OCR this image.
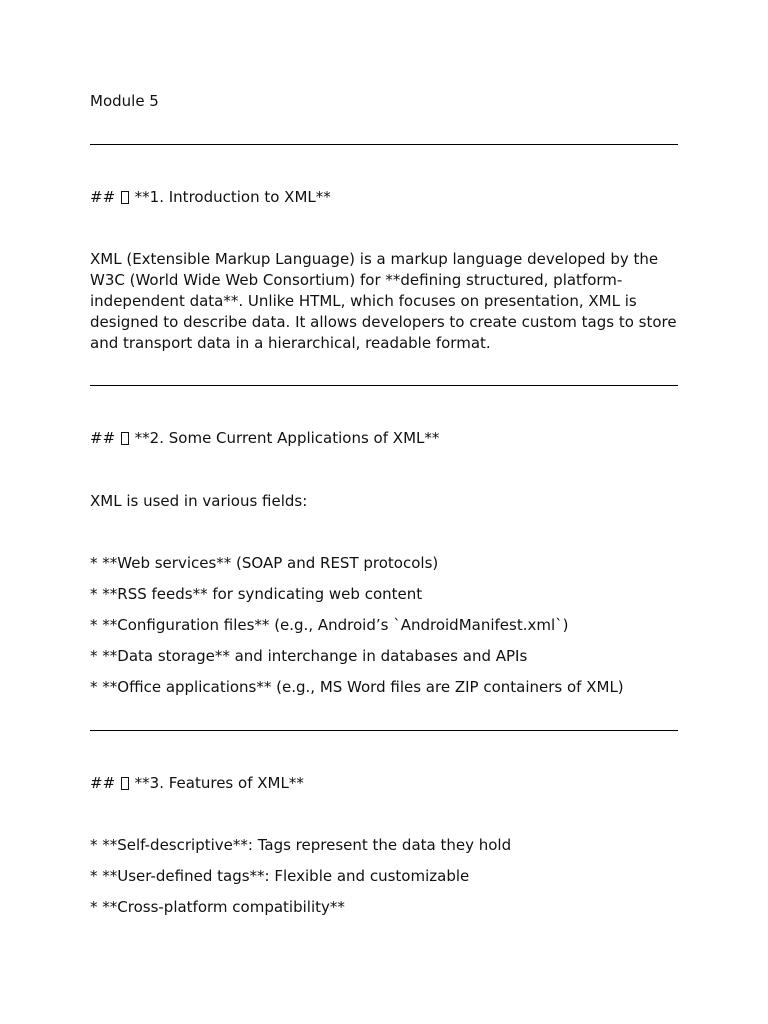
Module 5

##  **1. Introduction to XML**

XML (Extensible Markup Language) is a markup language developed by the W3C (World Wide Web Consortium) for **defining structured, platform-independent data**. Unlike HTML, which focuses on presentation, XML is designed to describe data. It allows developers to create custom tags to store and transport data in a hierarchical, readable format.

##  **2. Some Current Applications of XML**

XML is used in various fields:

* **Web services** (SOAP and REST protocols)

* **RSS feeds** for syndicating web content

* **Configuration files** (e.g., Android’s `AndroidManifest.xml`)

* **Data storage** and interchange in databases and APIs

* **Office applications** (e.g., MS Word files are ZIP containers of XML)

##  **3. Features of XML**

* **Self-descriptive**: Tags represent the data they hold

* **User-defined tags**: Flexible and customizable

* **Cross-platform compatibility**
